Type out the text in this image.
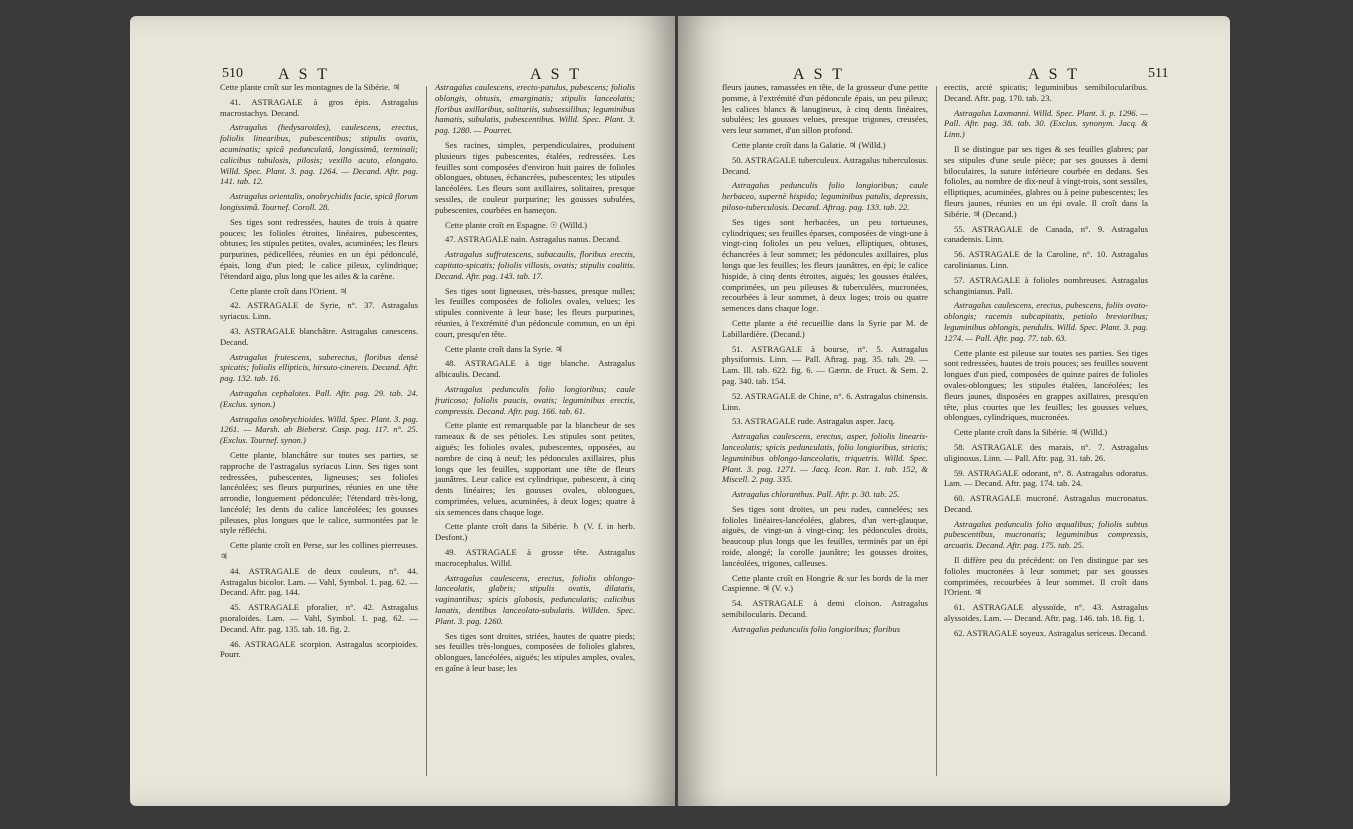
510 A S T	A S T

Cette plante croît sur les montagnes de la Sibérie. ♃

41. ASTRAGALE à gros épis. Astragalus macrostachys. Decand.

Astragalus (hedysaroides), caulescens, erectus, foliolis linearibus, pubescentibus; stipulis ovatis, acuminatis; spicâ pedunculatâ, longissimâ, terminali; calicibus tubulosis, pilosis; vexillo acuto, elongato. Willd. Spec. Plant. 3. pag. 1264. — Decand. Aftr. pag. 141. tab. 12.

Astragalus orientalis, onobrychidis facie, spicâ florum longissimâ. Tournef. Coroll. 28.

Ses tiges sont redressées, hautes de trois à quatre pouces; les folioles étroites, linéaires, pubescentes, obtuses; les stipules petites, ovales, acuminées; les fleurs purpurines, pédicellées, réunies en un épi pédonculé, épais, long d'un pied; le calice pileux, cylindrique; l'étendard aigu, plus long que les ailes & la carène.

Cette plante croît dans l'Orient. ♃

42. ASTRAGALE de Syrie, n°. 37. Astragalus syriacus. Linn.

43. ASTRAGALE blanchâtre. Astragalus canescens. Decand.

Astragalus frutescens, suberectus, floribus densè spicatis; foliolis ellipticis, hirsuto-cinereis. Decand. Aftr. pag. 132. tab. 16.

Astragalus cephalotes. Pall. Aftr. pag. 29. tab. 24. (Exclus. synon.)

Astragalus onobrychioides. Willd. Spec. Plant. 3. pag. 1261. — Marsh. ab Bieberst. Casp. pag. 117. n°. 25. (Exclus. Tournef. synon.)

Cette plante, blanchâtre sur toutes ses parties, se rapproche de l'astragalus syriacus Linn. Ses tiges sont redressées, pubescentes, ligneuses; ses folioles lancéolées; ses fleurs purpurines, réunies en une tête arrondie, longuement pédonculée; l'étendard très-long, lancéolé; les dents du calice lancéolées; les gousses pileuses, plus longues que le calice, surmontées par le style réfléchi.

Cette plante croît en Perse, sur les collines pierreuses. ♃

44. ASTRAGALE de deux couleurs, n°. 44. Astragalus bicolor. Lam. — Vahl, Symbol. 1. pag. 62. — Decand. Aftr. pag. 144.

45. ASTRAGALE pforalier, n°. 42. Astragalus psoraloides. Lam. — Vahl, Symbol. 1. pag. 62. — Decand. Aftr. pag. 135. tab. 18. fig. 2.

46. ASTRAGALE scorpion. Astragalus scorpioides. Pourr.

Astragalus caulescens, erecto-patulus, pubescens; foliolis oblongis, obtusis, emarginatis; stipulis lanceolatis; floribus axillaribus, solitariis, subsessilibus; leguminibus hamatis, subulatis, pubescentibus. Willd. Spec. Plant. 3. pag. 1280. — Pourret.

Ses racines, simples, perpendiculaires, produisent plusieurs tiges pubescentes, étalées, redressées. Les feuilles sont composées d'environ huit paires de folioles oblongues, obtuses, échancrées, pubescentes; les stipules lancéolées. Les fleurs sont axillaires, solitaires, presque sessiles, de couleur purpurine; les gousses subulées, pubescentes, courbées en hameçon.

Cette plante croît en Espagne. ☉ (Willd.)

47. ASTRAGALE nain. Astragalus nanus. Decand.

Astragalus suffrutescens, subacaulis, floribus erectis, capitato-spicatis; foliolis villosis, ovatis; stipulis coalitis. Decand. Aftr. pag. 143. tab. 17.

Ses tiges sont ligneuses, très-basses, presque nulles; les feuilles composées de folioles ovales, velues; les stipules connivente à leur base; les fleurs purpurines, réunies, à l'extrémité d'un pédoncule commun, en un épi court, presqu'en tête.

Cette plante croît dans la Syrie. ♃

48. ASTRAGALE à tige blanche. Astragalus albicaulis. Decand.

Astragalus pedunculis folio longioribus; caule fruticoso; foliolis paucis, ovatis; leguminibus erectis, compressis. Decand. Aftr. pag. 166. tab. 61.

Cette plante est remarquable par la blancheur de ses rameaux & de ses pétioles. Les stipules sont petites, aiguës; les folioles ovales, pubescentes, opposées, au nombre de cinq à neuf; les pédoncules axillaires, plus longs que les feuilles, supportant une tête de fleurs jaunâtres. Leur calice est cylindrique, pubescent, à cinq dents linéaires; les gousses ovales, oblongues, comprimées, velues, acuminées, à deux loges; quatre à six semences dans chaque loge.

Cette plante croît dans la Sibérie. ♄ (V. f. in herb. Desfont.)

49. ASTRAGALE à grosse tête. Astragalus macrocephalus. Willd.

Astragalus caulescens, erectus, foliolis oblongo-lanceolatis, glabris; stipulis ovatis, dilatatis, vaginantibus; spicis globosis, pedunculatis; calicibus lanatis, dentibus lanceolato-subulatis. Willden. Spec. Plant. 3. pag. 1260.

Ses tiges sont droites, striées, hautes de quatre pieds; ses feuilles très-longues, composées de folioles glabres, oblongues, lancéolées, aiguës; les stipules amples, ovales, en gaîne à leur base; les

A S T	A S T	511

fleurs jaunes, ramassées en tête, de la grosseur d'une petite pomme, à l'extrémité d'un pédoncule épais, un peu pileux; les calices blancs & lanugineux, à cinq dents linéaires, subulées; les gousses velues, presque trigones, creusées, vers leur sommet, d'un sillon profond.

Cette plante croît dans la Galatie. ♃ (Willd.)

50. ASTRAGALE tuberculeux. Astragalus tuberculosus. Decand.

Astragalus pedunculis folio longioribus; caule herbaceo, supernè hispido; leguminibus patulis, depressis, piloso-tuberculosis. Decand. Aftrag. pag. 133. tab. 22.

Ses tiges sont herbacées, un peu tortueuses, cylindriques; ses feuilles éparses, composées de vingt-une à vingt-cinq folioles un peu velues, elliptiques, obtuses, échancrées à leur sommet; les pédoncules axillaires, plus longs que les feuilles; les fleurs jaunâtres, en épi; le calice hispide, à cinq dents étroites, aiguës; les gousses étalées, comprimées, un peu pileuses & tuberculées, mucronées, recourbées à leur sommet, à deux loges; trois ou quatre semences dans chaque loge.

Cette plante a été recueillie dans la Syrie par M. de Labillardière. (Decand.)

51. ASTRAGALE à bourse, n°. 5. Astragalus physiformis. Linn. — Pall. Aftrag. pag. 35. tab. 29. — Lam. Ill. tab. 622. fig. 6. — Gærtn. de Fruct. & Sem. 2. pag. 340. tab. 154.

52. ASTRAGALE de Chine, n°. 6. Astragalus chinensis. Linn.

53. ASTRAGALE rude. Astragalus asper. Jacq.

Astragalus caulescens, erectus, asper, foliolis linearis-lanceolatis; spicis pedunculatis, folio longioribus, strictis; leguminibus oblongo-lanceolatis, triquetris. Willd. Spec. Plant. 3. pag. 1271. — Jacq. Icon. Rar. 1. tab. 152, & Miscell. 2. pag. 335.

Astragalus chloranthus. Pall. Aftr. p. 30. tab. 25.

Ses tiges sont droites, un peu rudes, cannelées; ses folioles linéaires-lancéolées, glabres, d'un vert-glauque, aiguës, de vingt-un à vingt-cinq; les pédoncules droits, beaucoup plus longs que les feuilles, terminés par un épi roide, alongé; la corolle jaunâtre; les gousses droites, lancéolées, trigones, calleuses.

Cette plante croît en Hongrie & sur les bords de la mer Caspienne. ♃ (V. v.)

54. ASTRAGALE à demi cloison. Astragalus semibilocularis. Decand.

Astragalus pedunculis folio longioribus; floribus

erectis, arctè spicatis; leguminibus semibilocularibus. Decand. Aftr. pag. 170. tab. 23.

Astragalus Laxmanni. Willd. Spec. Plant. 3. p. 1296. — Pall. Aftr. pag. 38. tab. 30. (Exclus. synonym. Jacq. & Linn.)

Il se distingue par ses tiges & ses feuilles glabres; par ses stipules d'une seule pièce; par ses gousses à demi biloculaires, la suture inférieure courbée en dedans. Ses folioles, au nombre de dix-neuf à vingt-trois, sont sessiles, elliptiques, acuminées, glabres ou à peine pubescentes; les fleurs jaunes, réunies en un épi ovale. Il croît dans la Sibérie. ♃ (Decand.)

55. ASTRAGALE de Canada, n°. 9. Astragalus canadensis. Linn.

56. ASTRAGALE de la Caroline, n°. 10. Astragalus carolinianus. Linn.

57. ASTRAGALE à folioles nombreuses. Astragalus schanginianus. Pall.

Astragalus caulescens, erectus, pubescens, foliis ovato-oblongis; racemis subcapitatis, petiolo brevioribus; leguminibus oblongis, pendulis. Willd. Spec. Plant. 3. pag. 1274. — Pall. Aftr. pag. 77. tab. 63.

Cette plante est pileuse sur toutes ses parties. Ses tiges sont redressées, hautes de trois pouces; ses feuilles souvent longues d'un pied, composées de quinze paires de folioles ovales-oblongues; les stipules étalées, lancéolées; les fleurs jaunes, disposées en grappes axillaires, presqu'en tête, plus courtes que les feuilles; les gousses velues, oblongues, cylindriques, mucronées.

Cette plante croît dans la Sibérie. ♃ (Willd.)

58. ASTRAGALE des marais, n°. 7. Astragalus uliginosus. Linn. — Pall. Aftr. pag. 31. tab. 26.

59. ASTRAGALE odorant, n°. 8. Astragalus odoratus. Lam. — Decand. Aftr. pag. 174. tab. 24.

60. ASTRAGALE mucroné. Astragalus mucronatus. Decand.

Astragalus pedunculis folio æqualibus; foliolis subtus pubescentibus, mucronatis; leguminibus compressis, arcuatis. Decand. Aftr. pag. 175. tab. 25.

Il diffère peu du précédent: on l'en distingue par ses folioles mucronées à leur sommet; par ses gousses comprimées, recourbées à leur sommet. Il croît dans l'Orient. ♃

61. ASTRAGALE alyssoïde, n°. 43. Astragalus alyssoides. Lam. — Decand. Aftr. pag. 146. tab. 18. fig. 1.

62. ASTRAGALE soyeux. Astragalus sericeus. Decand.
